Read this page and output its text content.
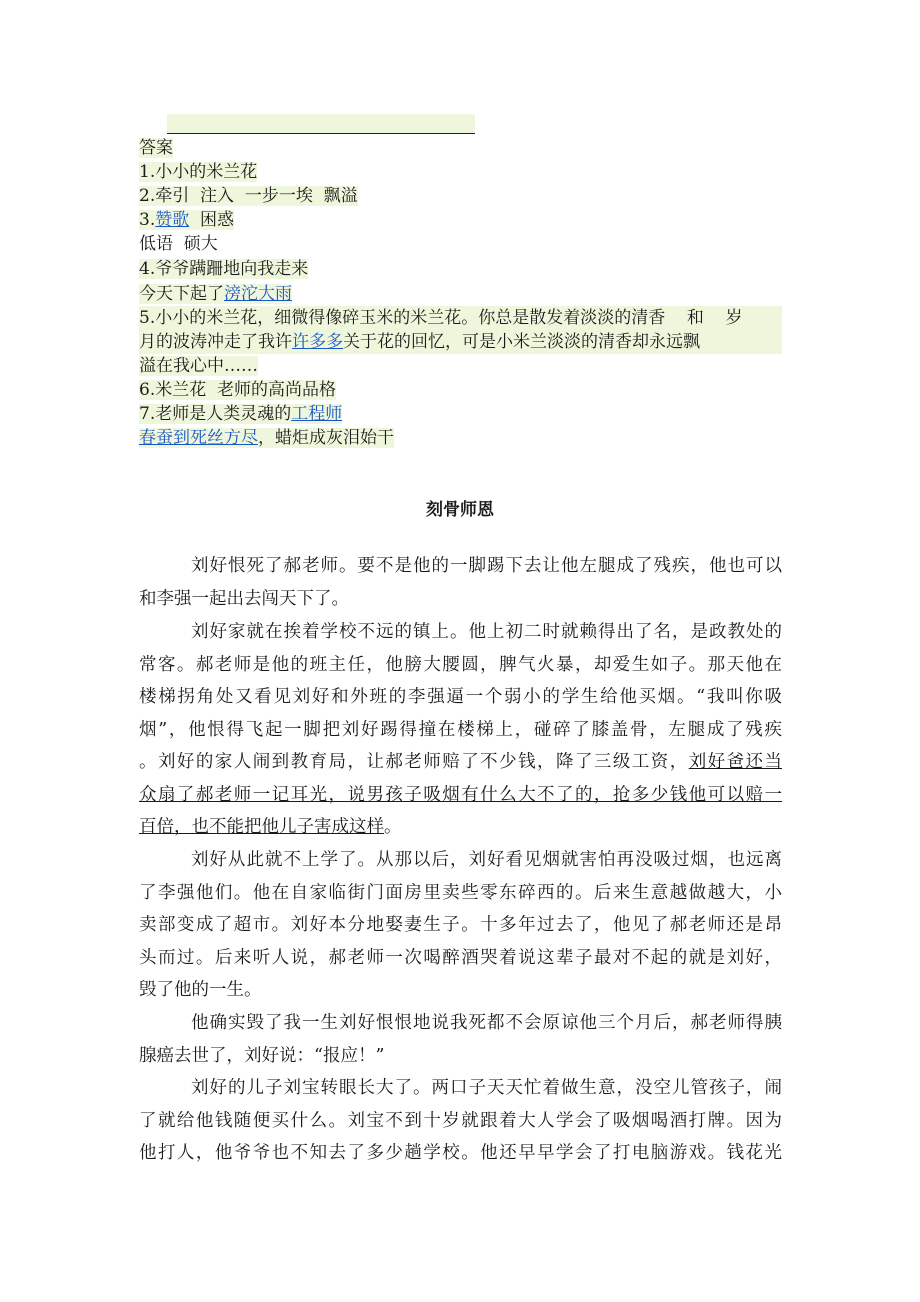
答案
1.小小的米兰花
2.牵引  注入  一步一埃  飘溢
3.赞歌  困惑
低语  硕大
4.爷爷蹒跚地向我走来
今天下起了滂沱大雨
5.小小的米兰花，细微得像碎玉米的米兰花。你总是散发着淡淡的清香    和    岁
月的波涛冲走了我许许多多关于花的回忆，可是小米兰淡淡的清香却永远飘
溢在我心中……
6.米兰花  老师的高尚品格
7.老师是人类灵魂的工程师
春蚕到死丝方尽，蜡炬成灰泪始干
刻骨师恩
刘好恨死了郝老师。要不是他的一脚踢下去让他左腿成了残疾，他也可以
和李强一起出去闯天下了。
刘好家就在挨着学校不远的镇上。他上初二时就赖得出了名，是政教处的
常客。郝老师是他的班主任，他膀大腰圆，脾气火暴，却爱生如子。那天他在
楼梯拐角处又看见刘好和外班的李强逼一个弱小的学生给他买烟。“我叫你吸
烟”，他恨得飞起一脚把刘好踢得撞在楼梯上，碰碎了膝盖骨，左腿成了残疾
。刘好的家人闹到教育局，让郝老师赔了不少钱，降了三级工资，刘好爸还当
众扇了郝老师一记耳光，说男孩子吸烟有什么大不了的，抢多少钱他可以赔一
百倍，也不能把他儿子害成这样。
刘好从此就不上学了。从那以后，刘好看见烟就害怕再没吸过烟，也远离
了李强他们。他在自家临街门面房里卖些零东碎西的。后来生意越做越大，小
卖部变成了超市。刘好本分地娶妻生子。十多年过去了，他见了郝老师还是昂
头而过。后来听人说，郝老师一次喝醉酒哭着说这辈子最对不起的就是刘好，
毁了他的一生。
他确实毁了我一生刘好恨恨地说我死都不会原谅他三个月后，郝老师得胰
腺癌去世了，刘好说：“报应！”
刘好的儿子刘宝转眼长大了。两口子天天忙着做生意，没空儿管孩子，闹
了就给他钱随便买什么。刘宝不到十岁就跟着大人学会了吸烟喝酒打牌。因为
他打人，他爷爷也不知去了多少趟学校。他还早早学会了打电脑游戏。钱花光
